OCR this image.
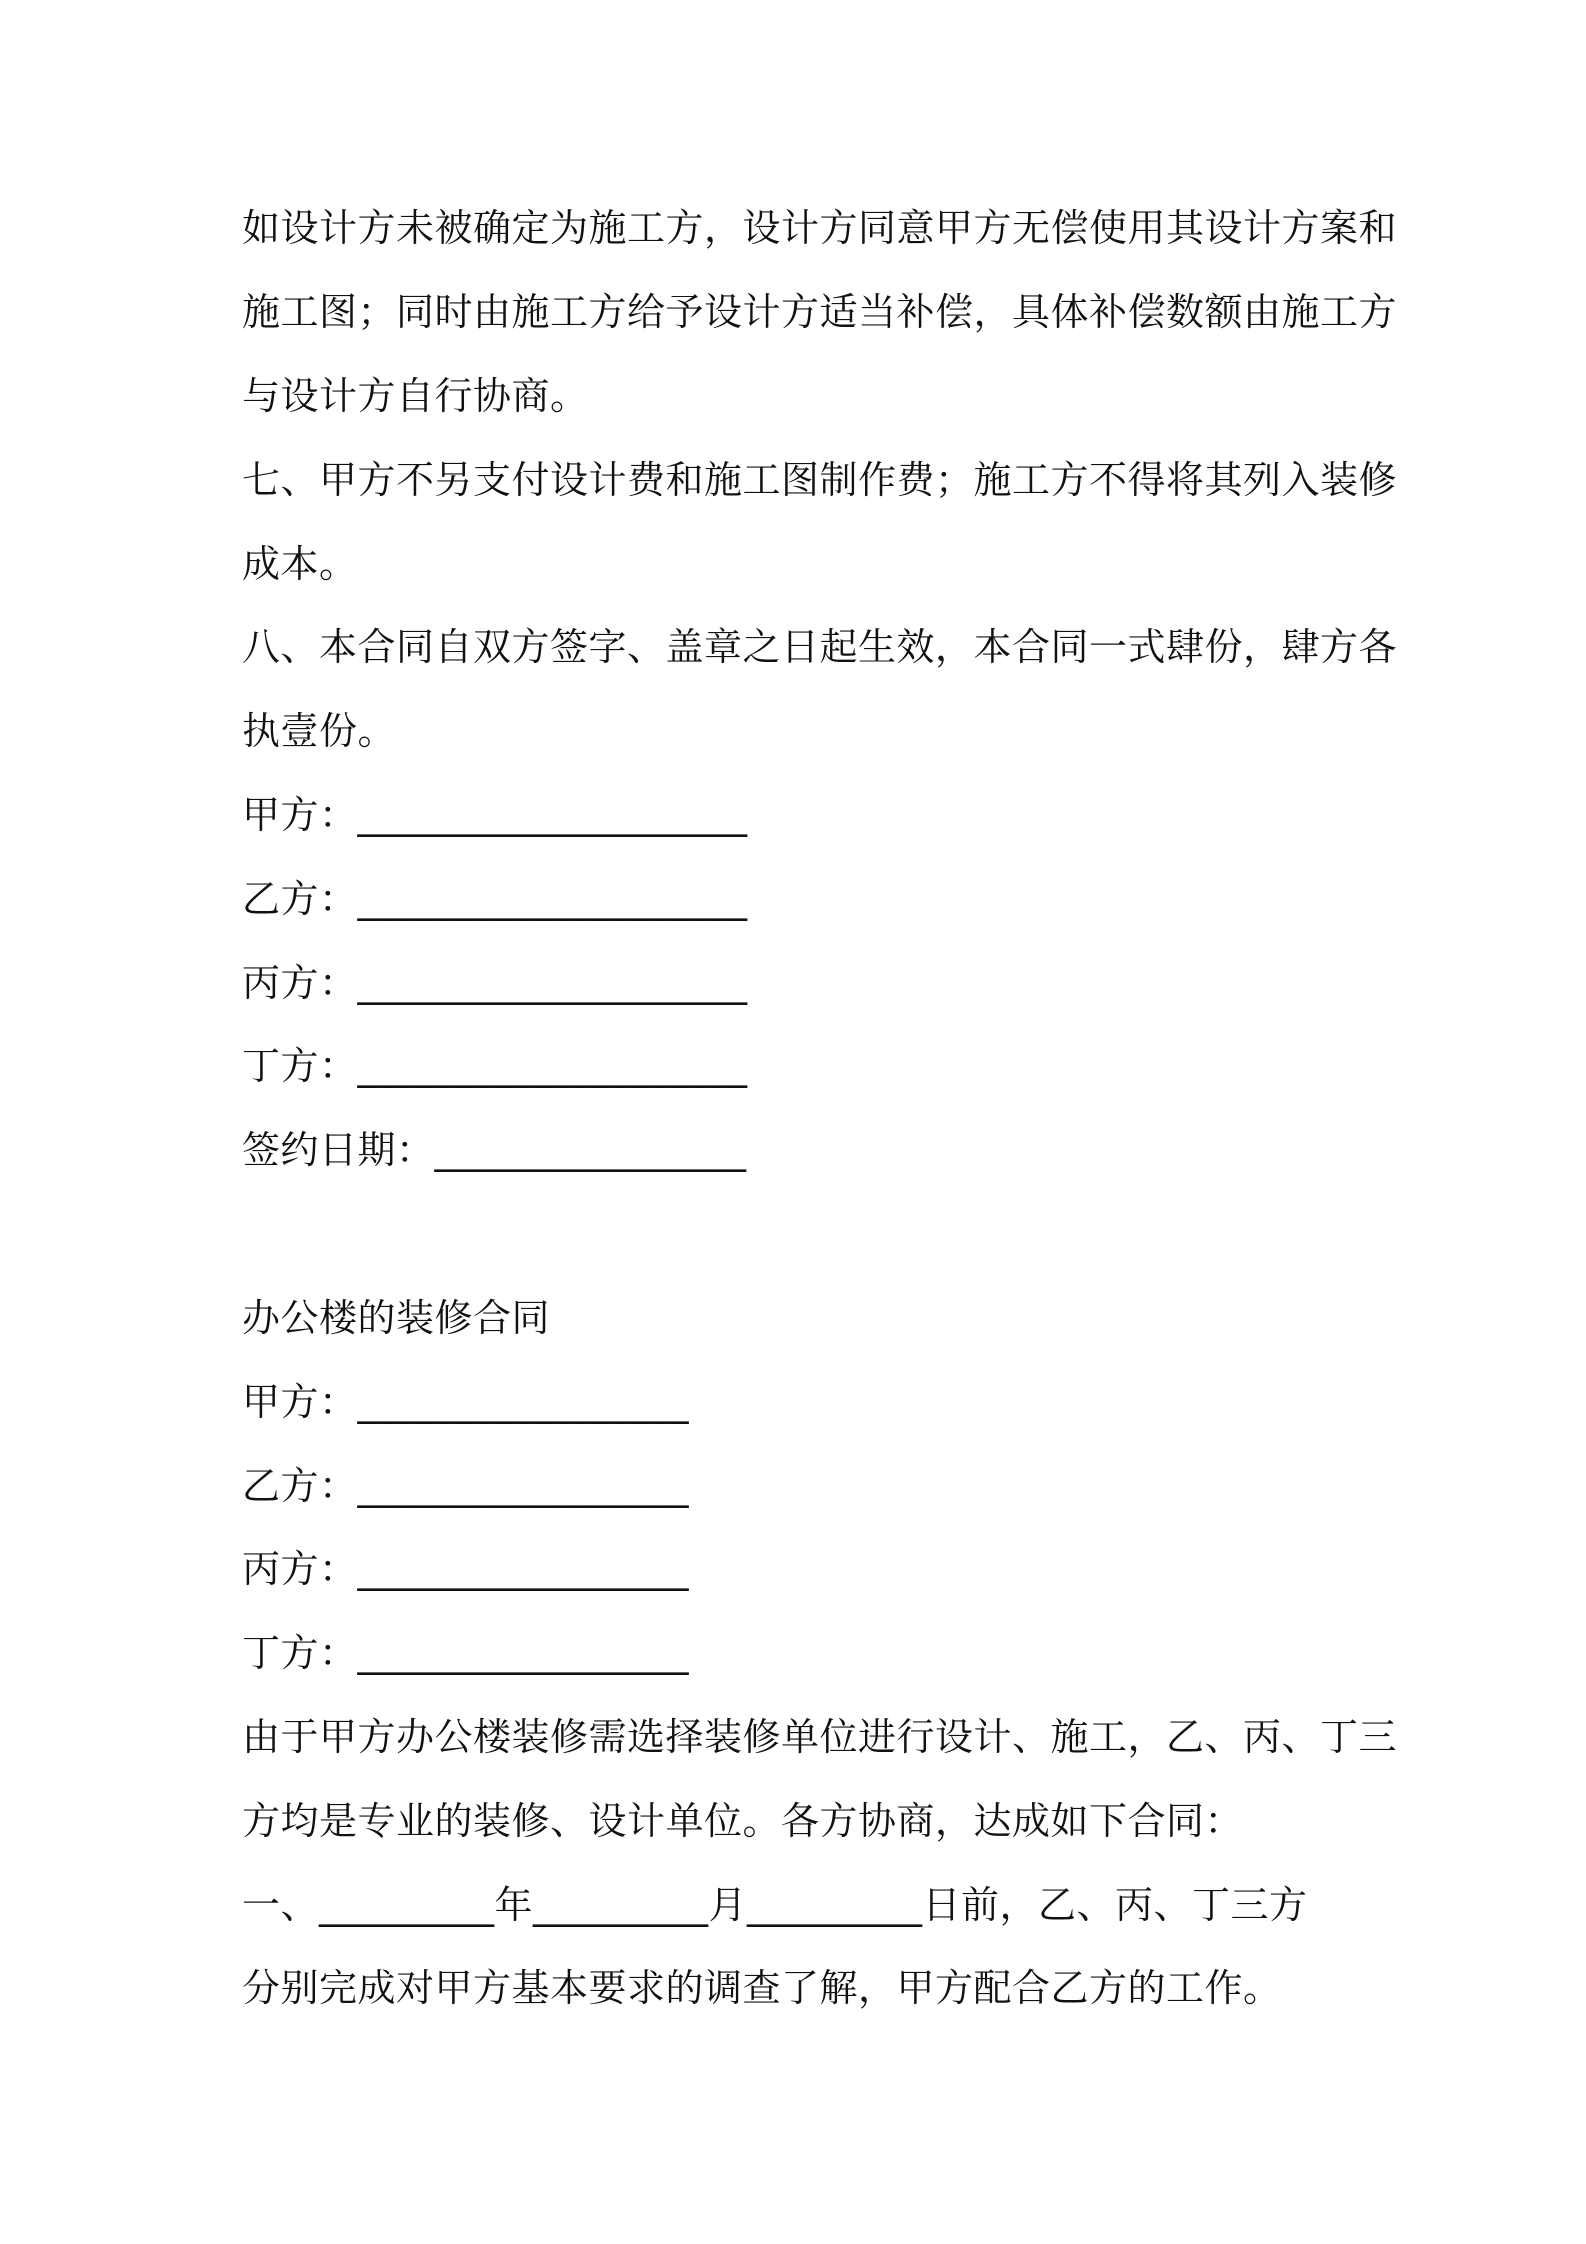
如设计方未被确定为施工方，设计方同意甲方无偿使用其设计方案和
施工图；同时由施工方给予设计方适当补偿，具体补偿数额由施工方
与设计方自行协商。
七、甲方不另支付设计费和施工图制作费；施工方不得将其列入装修
成本。
八、本合同自双方签字、盖章之日起生效，本合同一式肆份，肆方各
执壹份。
甲方：____________________
乙方：____________________
丙方：____________________
丁方：____________________
签约日期：________________
办公楼的装修合同
甲方：_________________
乙方：_________________
丙方：_________________
丁方：_________________
由于甲方办公楼装修需选择装修单位进行设计、施工，乙、丙、丁三
方均是专业的装修、设计单位。各方协商，达成如下合同：
一、_________年_________月_________日前，乙、丙、丁三方
分别完成对甲方基本要求的调查了解，甲方配合乙方的工作。
